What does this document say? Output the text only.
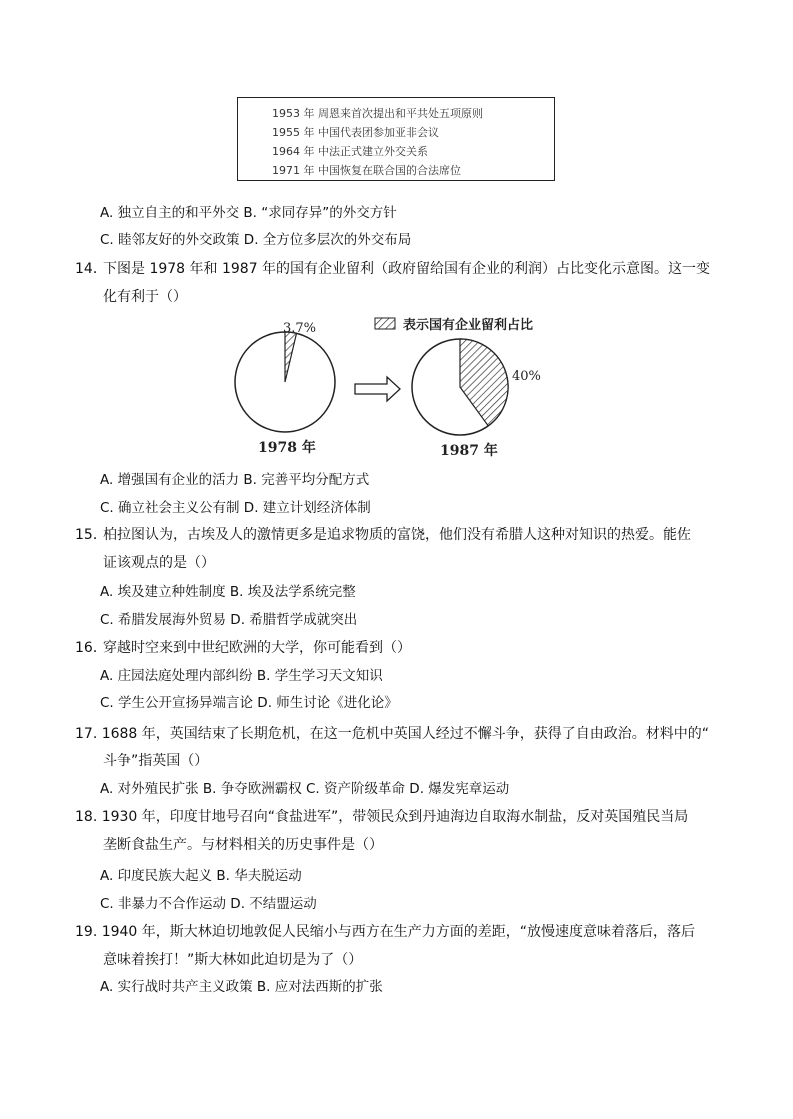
1953 年 周恩来首次提出和平共处五项原则
1955 年 中国代表团参加亚非会议
1964 年 中法正式建立外交关系
1971 年 中国恢复在联合国的合法席位
A. 独立自主的和平外交 B. “求同存异”的外交方针
C. 睦邻友好的外交政策 D. 全方位多层次的外交布局
14．
下图是 1978 年和 1987 年的国有企业留利（政府留给国有企业的利润）占比变化示意图。这一变
化有利于（）
3.7%
1978 年
40%
1987 年
表示国有企业留利占比
A. 增强国有企业的活力 B. 完善平均分配方式
C. 确立社会主义公有制 D. 建立计划经济体制
15．
柏拉图认为，古埃及人的激情更多是追求物质的富饶，他们没有希腊人这种对知识的热爱。能佐
证该观点的是（）
A. 埃及建立种姓制度 B. 埃及法学系统完整
C. 希腊发展海外贸易 D. 希腊哲学成就突出
16．
穿越时空来到中世纪欧洲的大学，你可能看到（）
A. 庄园法庭处理内部纠纷 B. 学生学习天文知识
C. 学生公开宣扬异端言论 D. 师生讨论《进化论》
17. 1688 年，英国结束了长期危机，在这一危机中英国人经过不懈斗争，获得了自由政治。材料中的“
斗争”指英国（）
A. 对外殖民扩张 B. 争夺欧洲霸权 C. 资产阶级革命 D. 爆发宪章运动
18. 1930 年，印度甘地号召向“食盐进军”，带领民众到丹迪海边自取海水制盐，反对英国殖民当局
垄断食盐生产。与材料相关的历史事件是（）
A. 印度民族大起义 B. 华夫脱运动
C. 非暴力不合作运动 D. 不结盟运动
19. 1940 年，斯大林迫切地敦促人民缩小与西方在生产力方面的差距，“放慢速度意味着落后，落后
意味着挨打！”斯大林如此迫切是为了（）
A. 实行战时共产主义政策 B. 应对法西斯的扩张
